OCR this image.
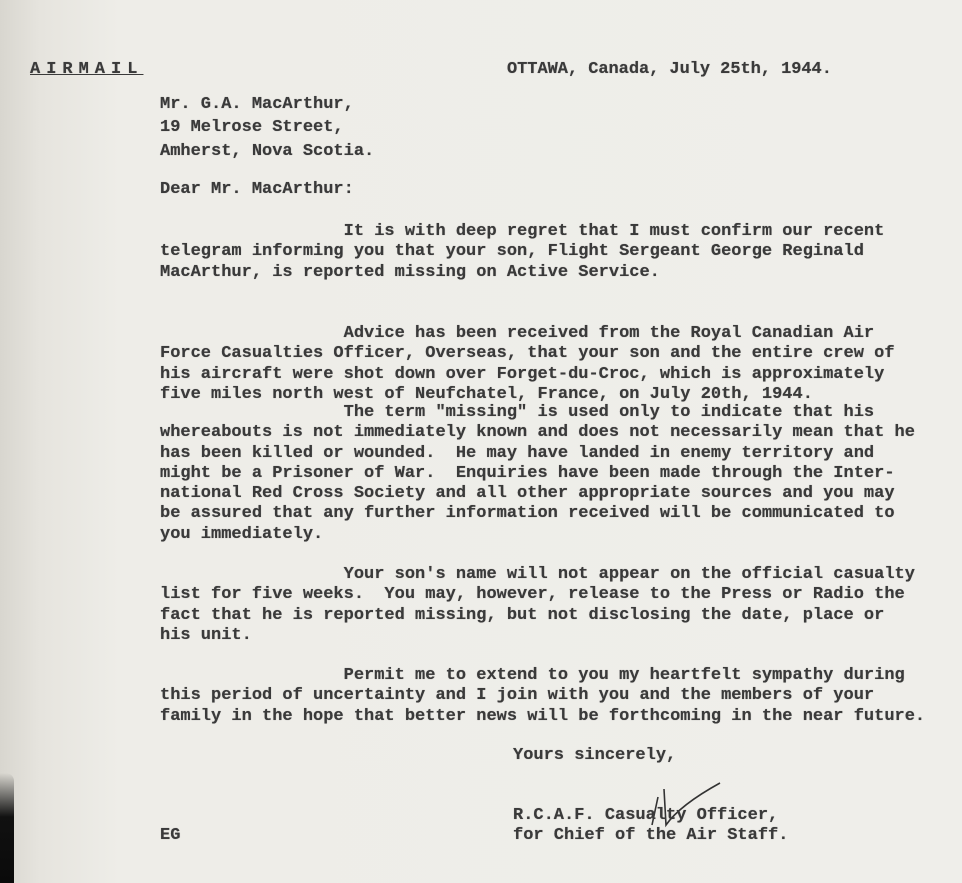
AIRMAIL	OTTAWA, Canada, July 25th, 1944.
Mr. G.A. MacArthur,
19 Melrose Street,
Amherst, Nova Scotia.
Dear Mr. MacArthur:
It is with deep regret that I must confirm our recent
telegram informing you that your son, Flight Sergeant George Reginald
MacArthur, is reported missing on Active Service.
Advice has been received from the Royal Canadian Air
Force Casualties Officer, Overseas, that your son and the entire crew of
his aircraft were shot down over Forget-du-Croc, which is approximately
five miles north west of Neufchatel, France, on July 20th, 1944.
The term "missing" is used only to indicate that his
whereabouts is not immediately known and does not necessarily mean that he
has been killed or wounded.  He may have landed in enemy territory and
might be a Prisoner of War.  Enquiries have been made through the Inter-
national Red Cross Society and all other appropriate sources and you may
be assured that any further information received will be communicated to
you immediately.
Your son's name will not appear on the official casualty
list for five weeks.  You may, however, release to the Press or Radio the
fact that he is reported missing, but not disclosing the date, place or
his unit.
Permit me to extend to you my heartfelt sympathy during
this period of uncertainty and I join with you and the members of your
family in the hope that better news will be forthcoming in the near future.
Yours sincerely,
R.C.A.F. Casualty Officer,
for Chief of the Air Staff.
EG
